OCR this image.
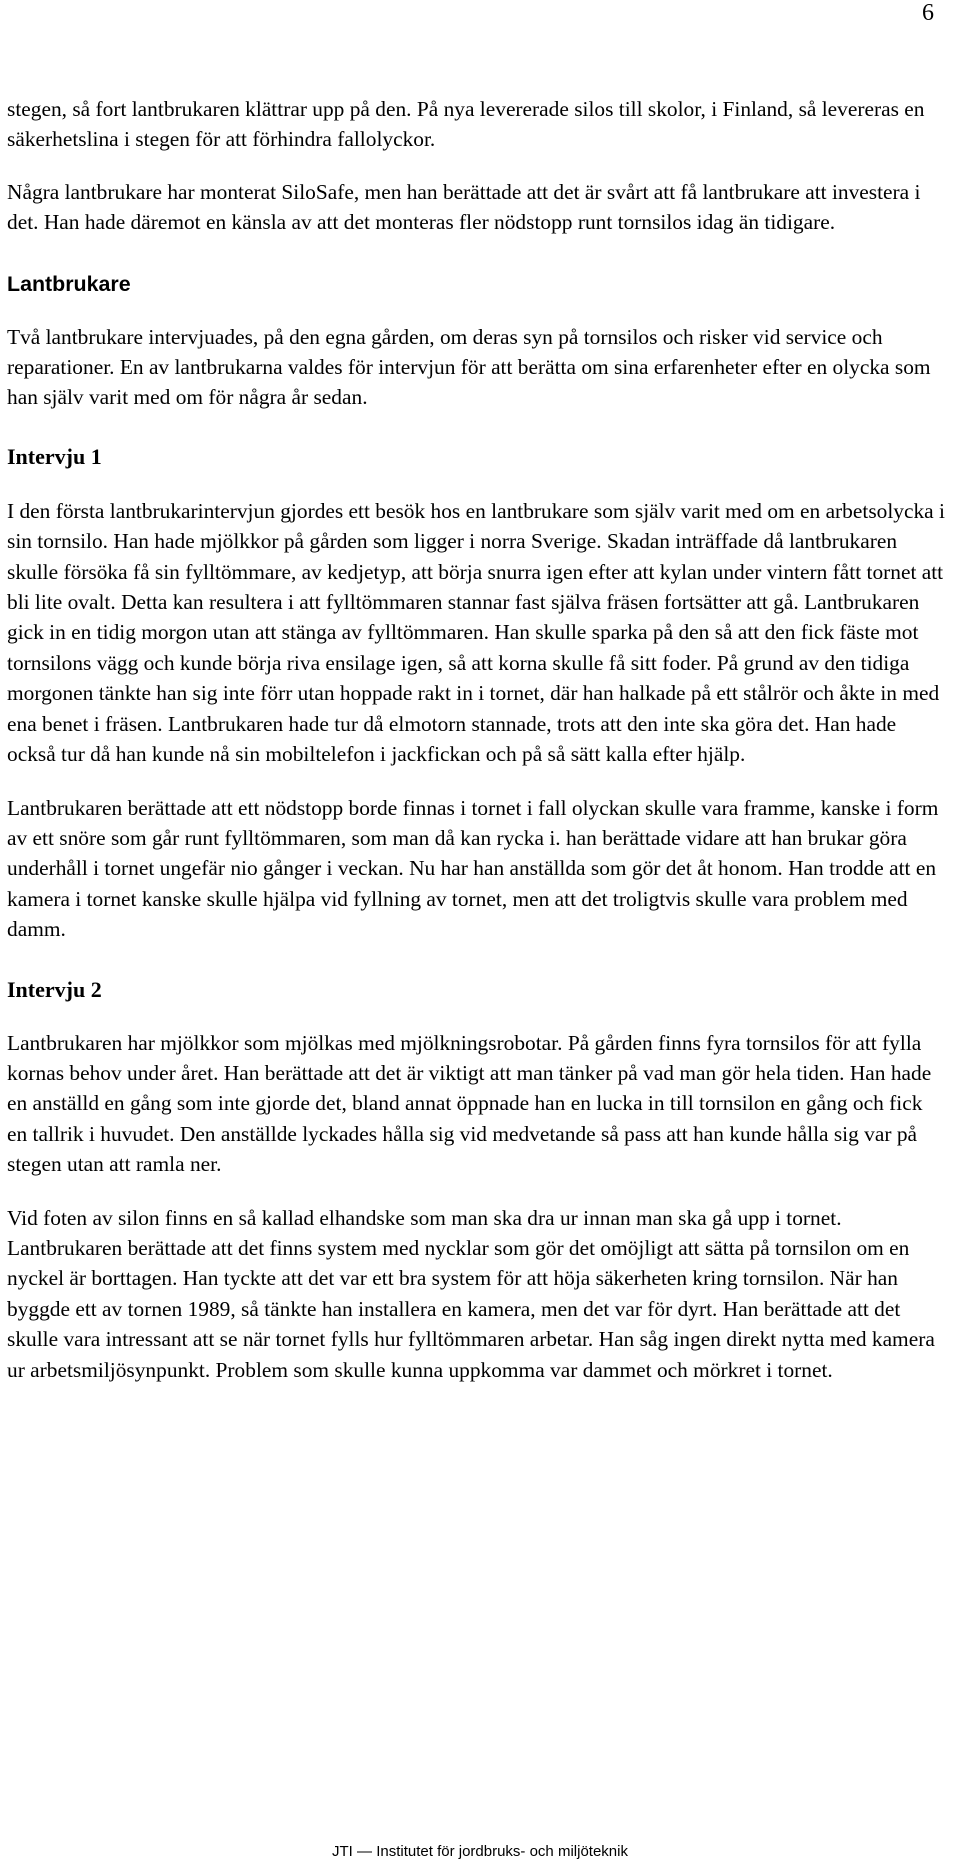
6

stegen, så fort lantbrukaren klättrar upp på den. På nya levererade silos till skolor, i Finland, så levereras en säkerhetslina i stegen för att förhindra fallolyckor.

Några lantbrukare har monterat SiloSafe, men han berättade att det är svårt att få lantbrukare att investera i det. Han hade däremot en känsla av att det monteras fler nödstopp runt tornsilos idag än tidigare.

Lantbrukare

Två lantbrukare intervjuades, på den egna gården, om deras syn på tornsilos och risker vid service och reparationer. En av lantbrukarna valdes för intervjun för att berätta om sina erfarenheter efter en olycka som han själv varit med om för några år sedan.

Intervju 1

I den första lantbrukarintervjun gjordes ett besök hos en lantbrukare som själv varit med om en arbetsolycka i sin tornsilo. Han hade mjölkkor på gården som ligger i norra Sverige. Skadan inträffade då lantbrukaren skulle försöka få sin fylltömmare, av kedjetyp, att börja snurra igen efter att kylan under vintern fått tornet att bli lite ovalt. Detta kan resultera i att fylltömmaren stannar fast själva fräsen fortsätter att gå. Lantbrukaren gick in en tidig morgon utan att stänga av fylltömmaren. Han skulle sparka på den så att den fick fäste mot tornsilons vägg och kunde börja riva ensilage igen, så att korna skulle få sitt foder. På grund av den tidiga morgonen tänkte han sig inte förr utan hoppade rakt in i tornet, där han halkade på ett stålrör och åkte in med ena benet i fräsen. Lantbrukaren hade tur då elmotorn stannade, trots att den inte ska göra det. Han hade också tur då han kunde nå sin mobiltelefon i jackfickan och på så sätt kalla efter hjälp.

Lantbrukaren berättade att ett nödstopp borde finnas i tornet i fall olyckan skulle vara framme, kanske i form av ett snöre som går runt fylltömmaren, som man då kan rycka i. han berättade vidare att han brukar göra underhåll i tornet ungefär nio gånger i veckan. Nu har han anställda som gör det åt honom. Han trodde att en kamera i tornet kanske skulle hjälpa vid fyllning av tornet, men att det troligtvis skulle vara problem med damm.

Intervju 2

Lantbrukaren har mjölkkor som mjölkas med mjölkningsrobotar. På gården finns fyra tornsilos för att fylla kornas behov under året. Han berättade att det är viktigt att man tänker på vad man gör hela tiden. Han hade en anställd en gång som inte gjorde det, bland annat öppnade han en lucka in till tornsilon en gång och fick en tallrik i huvudet. Den anställde lyckades hålla sig vid medvetande så pass att han kunde hålla sig var på stegen utan att ramla ner.

Vid foten av silon finns en så kallad elhandske som man ska dra ur innan man ska gå upp i tornet. Lantbrukaren berättade att det finns system med nycklar som gör det omöjligt att sätta på tornsilon om en nyckel är borttagen. Han tyckte att det var ett bra system för att höja säkerheten kring tornsilon. När han byggde ett av tornen 1989, så tänkte han installera en kamera, men det var för dyrt. Han berättade att det skulle vara intressant att se när tornet fylls hur fylltömmaren arbetar. Han såg ingen direkt nytta med kamera ur arbetsmiljösynpunkt. Problem som skulle kunna uppkomma var dammet och mörkret i tornet.

JTI — Institutet för jordbruks- och miljöteknik
